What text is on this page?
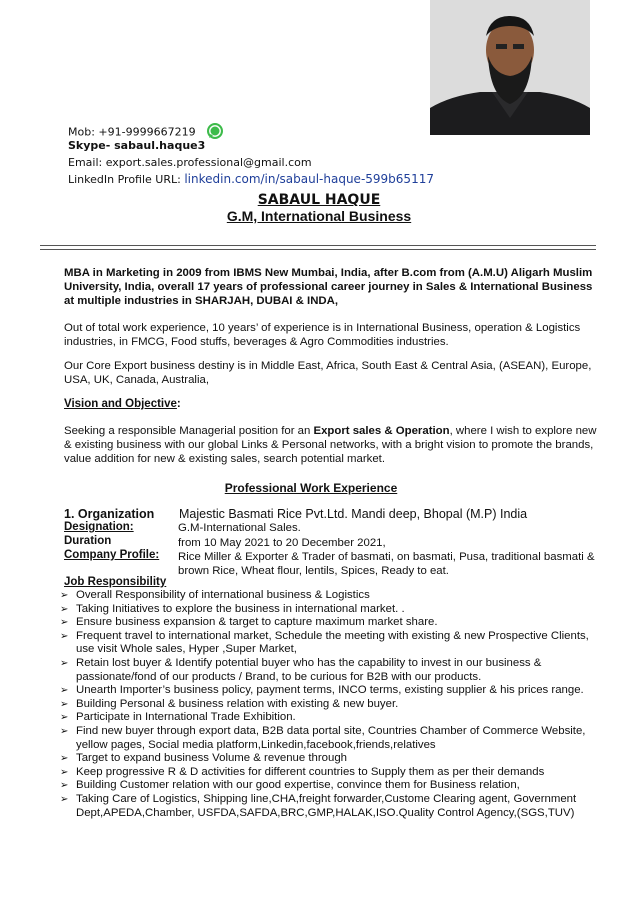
Mob: +91-9999667219
Skype- sabaul.haque3
Email: export.sales.professional@gmail.com
LinkedIn Profile URL: linkedin.com/in/sabaul-haque-599b65117
SABAUL HAQUE
G.M, International Business
MBA in Marketing in 2009 from IBMS New Mumbai, India, after B.com from (A.M.U) Aligarh Muslim University, India, overall 17 years of professional career journey in Sales & International Business at multiple industries in SHARJAH, DUBAI & INDA,
Out of total work experience, 10 years’ of experience is in International Business, operation & Logistics industries, in FMCG, Food stuffs, beverages & Agro Commodities industries.
Our Core Export business destiny is in Middle East, Africa, South East & Central Asia, (ASEAN), Europe, USA, UK, Canada, Australia,
Vision and Objective:
Seeking a responsible Managerial position for an Export sales & Operation, where I wish to explore new & existing business with our global Links & Personal networks, with a bright vision to promote the brands, value addition for new & existing sales, search potential market.
Professional Work Experience
1. Organization Majestic Basmati Rice Pvt.Ltd. Mandi deep, Bhopal (M.P) India
Designation:	G.M-International Sales.
Duration	from 10 May 2021 to 20 December 2021,
Company Profile: Rice Miller & Exporter & Trader of basmati, on basmati, Pusa, traditional basmati & brown Rice, Wheat flour, lentils, Spices, Ready to eat.
Job Responsibility
➢ Overall Responsibility of international business & Logistics
➢ Taking Initiatives to explore the business in international market. .
➢ Ensure business expansion & target to capture maximum market share.
➢ Frequent travel to international market, Schedule the meeting with existing & new Prospective Clients, use visit Whole sales, Hyper ,Super Market,
➢ Retain lost buyer & Identify potential buyer who has the capability to invest in our business & passionate/fond of our products / Brand, to be curious for B2B with our products.
➢ Unearth Importer’s business policy, payment terms, INCO terms, existing supplier & his prices range.
➢ Building Personal & business relation with existing & new buyer.
➢ Participate in International Trade Exhibition.
➢ Find new buyer through export data, B2B data portal site, Countries Chamber of Commerce Website, yellow pages, Social media platform,Linkedin,facebook,friends,relatives
➢ Target to expand business Volume & revenue through
➢ Keep progressive R & D activities for different countries to Supply them as per their demands
➢ Building Customer relation with our good expertise, convince them for Business relation,
➢ Taking Care of Logistics, Shipping line,CHA,freight forwarder,Custome Clearing agent, Government Dept,APEDA,Chamber, USFDA,SAFDA,BRC,GMP,HALAK,ISO.Quality Control Agency,(SGS,TUV)
